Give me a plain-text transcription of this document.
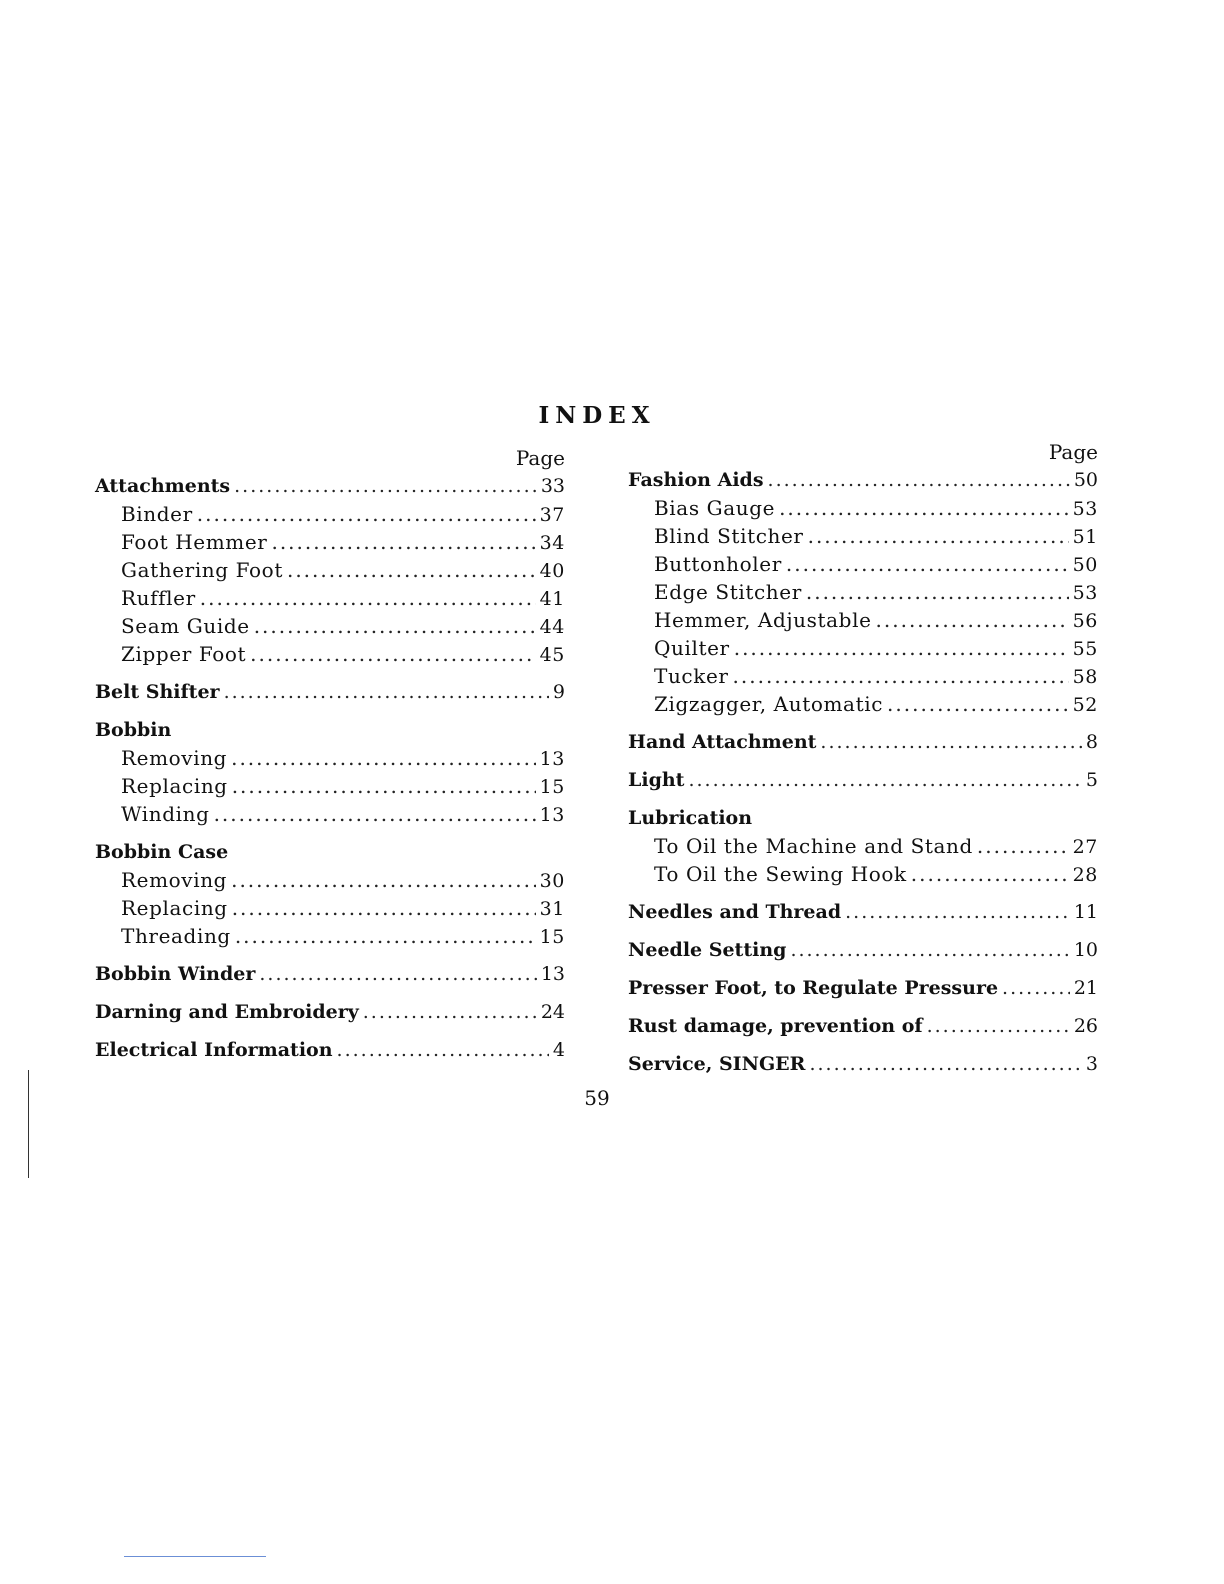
INDEX
Page
Attachments .....	33
Binder .....	37
Foot Hemmer .....	34
Gathering Foot .....	40
Ruffler .....	41
Seam Guide .....	44
Zipper Foot .....	45
Belt Shifter .....	9
Bobbin
Removing .....	13
Replacing .....	15
Winding .....	13
Bobbin Case
Removing .....	30
Replacing .....	31
Threading .....	15
Bobbin Winder .....	13
Darning and Embroidery .....	24
Electrical Information .....	4
Page
Fashion Aids .....	50
Bias Gauge .....	53
Blind Stitcher .....	51
Buttonholer .....	50
Edge Stitcher .....	53
Hemmer, Adjustable .....	56
Quilter .....	55
Tucker .....	58
Zigzagger, Automatic .....	52
Hand Attachment .....	8
Light .....	5
Lubrication
To Oil the Machine and Stand .....	27
To Oil the Sewing Hook .....	28
Needles and Thread .....	11
Needle Setting .....	10
Presser Foot, to Regulate Pressure .....	21
Rust damage, prevention of .....	26
Service, SINGER .....	3
59
